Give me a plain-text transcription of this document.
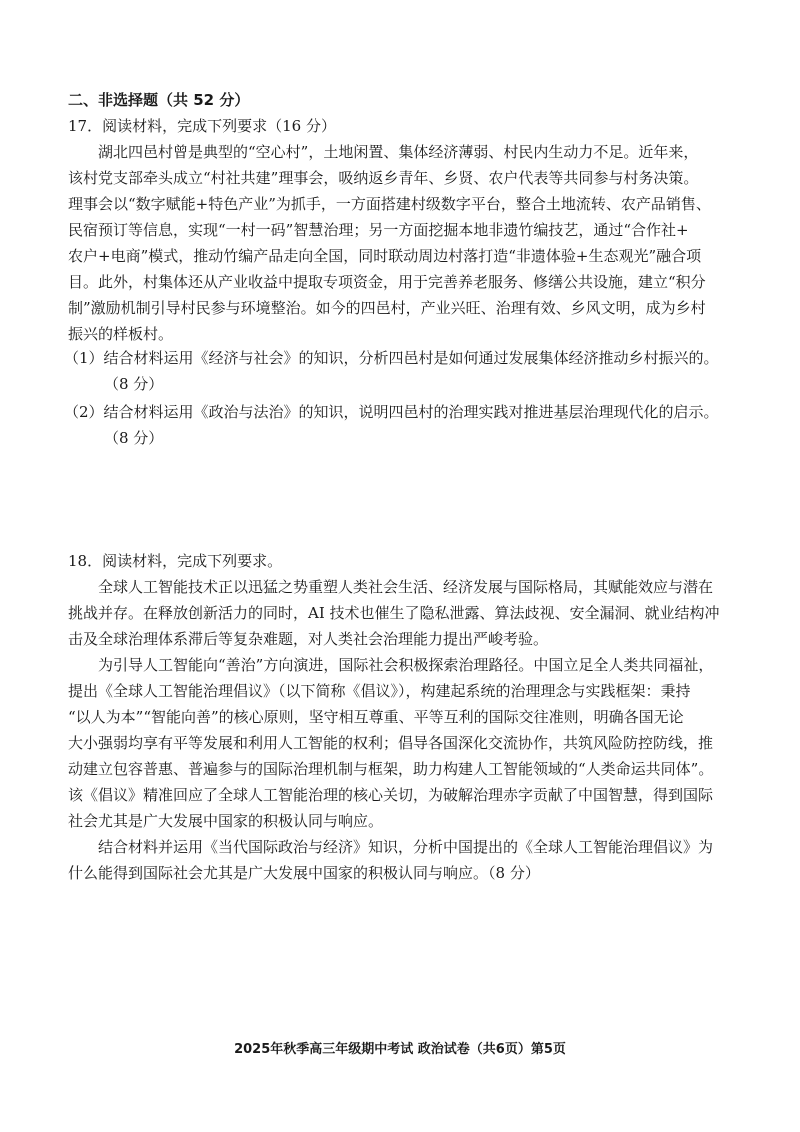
二、非选择题（共 52 分）
17．阅读材料，完成下列要求（16 分）
湖北四邑村曾是典型的“空心村”，土地闲置、集体经济薄弱、村民内生动力不足。近年来，
该村党支部牵头成立“村社共建”理事会，吸纳返乡青年、乡贤、农户代表等共同参与村务决策。
理事会以“数字赋能+特色产业”为抓手，一方面搭建村级数字平台，整合土地流转、农产品销售、
民宿预订等信息，实现“一村一码”智慧治理；另一方面挖掘本地非遗竹编技艺，通过“合作社+
农户+电商”模式，推动竹编产品走向全国，同时联动周边村落打造“非遗体验+生态观光”融合项
目。此外，村集体还从产业收益中提取专项资金，用于完善养老服务、修缮公共设施，建立“积分
制”激励机制引导村民参与环境整治。如今的四邑村，产业兴旺、治理有效、乡风文明，成为乡村
振兴的样板村。
（1）结合材料运用《经济与社会》的知识，分析四邑村是如何通过发展集体经济推动乡村振兴的。
（8 分）
（2）结合材料运用《政治与法治》的知识，说明四邑村的治理实践对推进基层治理现代化的启示。
（8 分）
18．阅读材料，完成下列要求。
全球人工智能技术正以迅猛之势重塑人类社会生活、经济发展与国际格局，其赋能效应与潜在
挑战并存。在释放创新活力的同时，AI 技术也催生了隐私泄露、算法歧视、安全漏洞、就业结构冲
击及全球治理体系滞后等复杂难题，对人类社会治理能力提出严峻考验。
为引导人工智能向“善治”方向演进，国际社会积极探索治理路径。中国立足全人类共同福祉，
提出《全球人工智能治理倡议》（以下简称《倡议》），构建起系统的治理理念与实践框架：秉持
“以人为本”“智能向善”的核心原则，坚守相互尊重、平等互利的国际交往准则，明确各国无论
大小强弱均享有平等发展和利用人工智能的权利；倡导各国深化交流协作，共筑风险防控防线，推
动建立包容普惠、普遍参与的国际治理机制与框架，助力构建人工智能领域的“人类命运共同体”。
该《倡议》精准回应了全球人工智能治理的核心关切，为破解治理赤字贡献了中国智慧，得到国际
社会尤其是广大发展中国家的积极认同与响应。
结合材料并运用《当代国际政治与经济》知识，分析中国提出的《全球人工智能治理倡议》为
什么能得到国际社会尤其是广大发展中国家的积极认同与响应。（8 分）
2025年秋季高三年级期中考试 政治试卷（共6页）第5页
